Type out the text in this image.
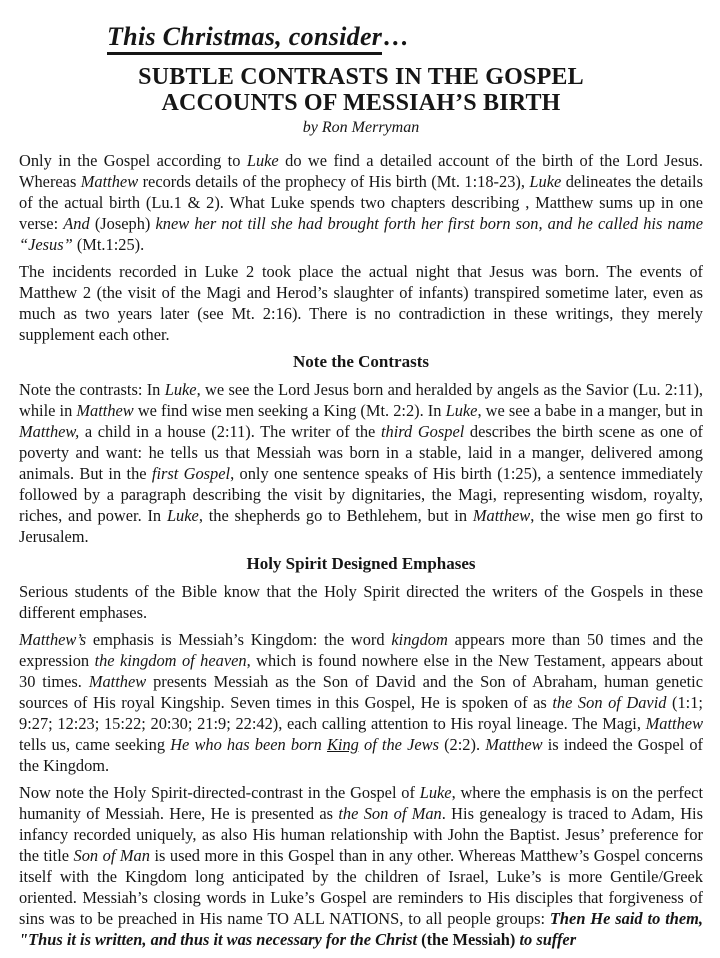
This Christmas, consider…
SUBTLE CONTRASTS IN THE GOSPEL
ACCOUNTS OF MESSIAH’S BIRTH
by Ron Merryman

Only in the Gospel according to Luke do we find a detailed account of the birth of the Lord Jesus. Whereas Matthew records details of the prophecy of His birth (Mt. 1:18-23), Luke delineates the details of the actual birth (Lu.1 & 2). What Luke spends two chapters describing , Matthew sums up in one verse: And (Joseph) knew her not till she had brought forth her first born son, and he called his name “Jesus” (Mt.1:25).

The incidents recorded in Luke 2 took place the actual night that Jesus was born. The events of Matthew 2 (the visit of the Magi and Herod’s slaughter of infants) transpired sometime later, even as much as two years later (see Mt. 2:16). There is no contradiction in these writings, they merely supplement each other.

Note the Contrasts

Note the contrasts: In Luke, we see the Lord Jesus born and heralded by angels as the Savior (Lu. 2:11), while in Matthew we find wise men seeking a King (Mt. 2:2). In Luke, we see a babe in a manger, but in Matthew, a child in a house (2:11). The writer of the third Gospel describes the birth scene as one of poverty and want: he tells us that Messiah was born in a stable, laid in a manger, delivered among animals. But in the first Gospel, only one sentence speaks of His birth (1:25), a sentence immediately followed by a paragraph describing the visit by dignitaries, the Magi, representing wisdom, royalty, riches, and power. In Luke, the shepherds go to Bethlehem, but in Matthew, the wise men go first to Jerusalem.

Holy Spirit Designed Emphases

Serious students of the Bible know that the Holy Spirit directed the writers of the Gospels in these different emphases.

Matthew’s emphasis is Messiah’s Kingdom: the word kingdom appears more than 50 times and the expression the kingdom of heaven, which is found nowhere else in the New Testament, appears about 30 times. Matthew presents Messiah as the Son of David and the Son of Abraham, human genetic sources of His royal Kingship. Seven times in this Gospel, He is spoken of as the Son of David (1:1; 9:27; 12:23; 15:22; 20:30; 21:9; 22:42), each calling attention to His royal lineage. The Magi, Matthew tells us, came seeking He who has been born King of the Jews (2:2). Matthew is indeed the Gospel of the Kingdom.

Now note the Holy Spirit-directed-contrast in the Gospel of Luke, where the emphasis is on the perfect humanity of Messiah. Here, He is presented as the Son of Man. His genealogy is traced to Adam, His infancy recorded uniquely, as also His human relationship with John the Baptist. Jesus’ preference for the title Son of Man is used more in this Gospel than in any other. Whereas Matthew’s Gospel concerns itself with the Kingdom long anticipated by the children of Israel, Luke’s is more Gentile/Greek oriented. Messiah’s closing words in Luke’s Gospel are reminders to His disciples that forgiveness of sins was to be preached in His name TO ALL NATIONS, to all people groups: Then He said to them, "Thus it is written, and thus it was necessary for the Christ (the Messiah) to suffer
